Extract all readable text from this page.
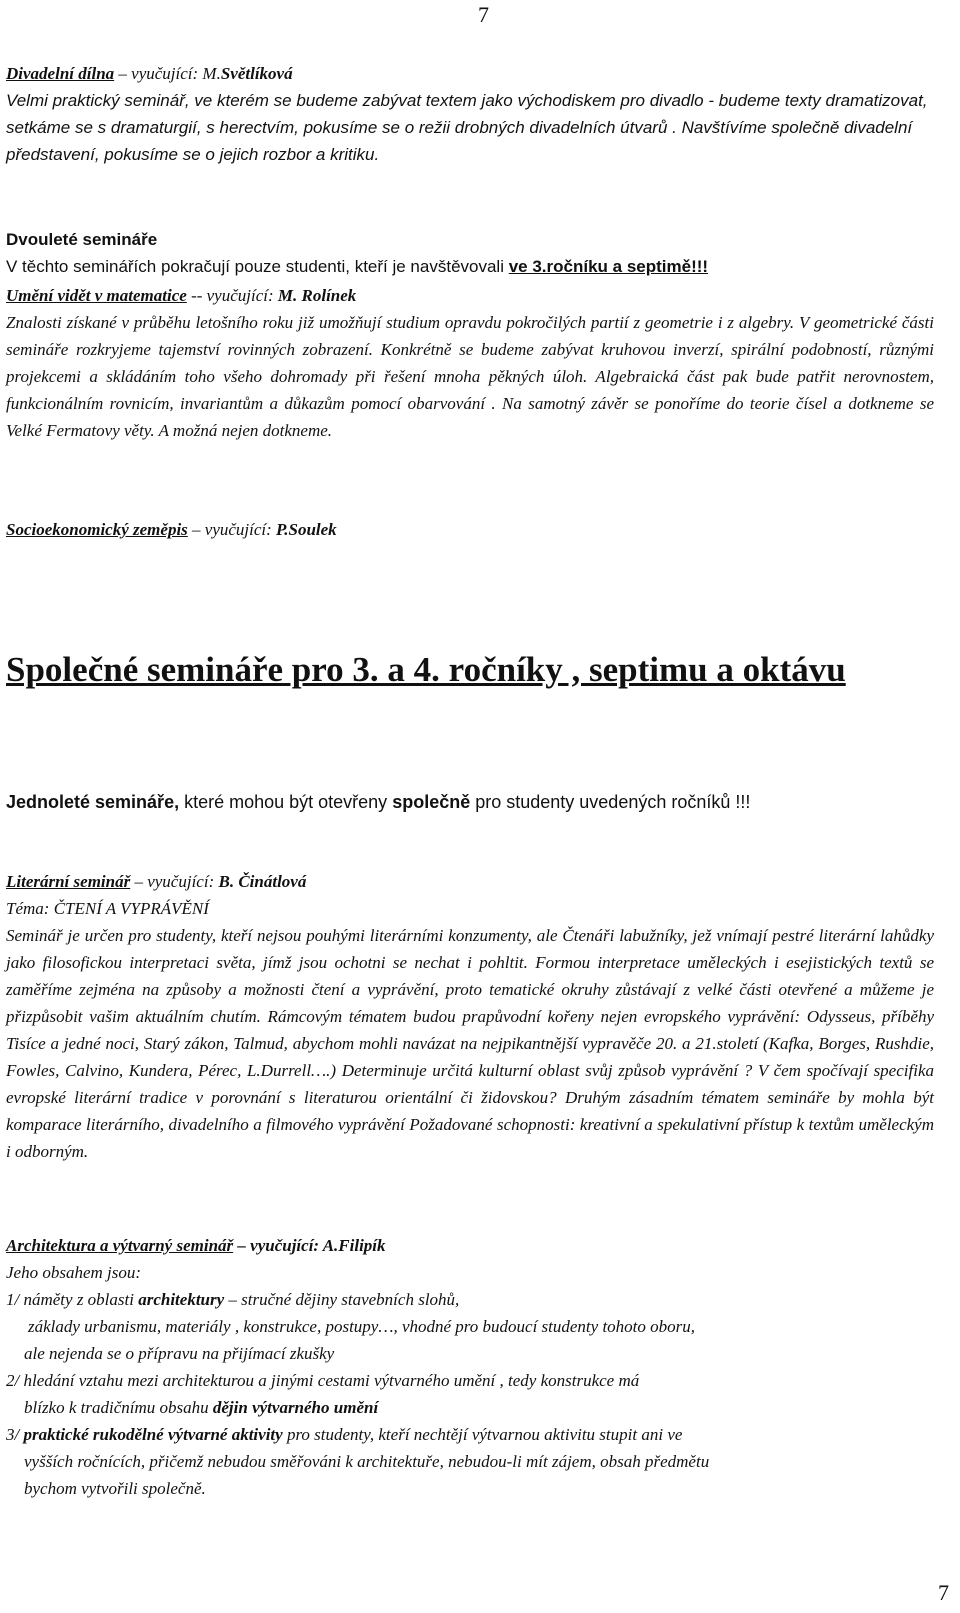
7
Divadelní dílna – vyučující: M.Světlíková
Velmi praktický seminář, ve kterém se budeme zabývat textem jako východiskem pro divadlo - budeme texty dramatizovat, setkáme se s dramaturgií, s herectvím, pokusíme se o režii drobných divadelních útvarů . Navštívíme společně divadelní představení, pokusíme se o jejich rozbor a kritiku.
Dvouleté semináře
V těchto seminářích pokračují pouze studenti, kteří je navštěvovali ve 3.ročníku a septimě!!!
Umění vidět v matematice -- vyučující: M. Rolínek
Znalosti získané v průběhu letošního roku již umožňují studium opravdu pokročilých partií z geometrie i z algebry. V geometrické části semináře rozkryjeme tajemství rovinných zobrazení. Konkrétně se budeme zabývat kruhovou inverzí, spirální podobností, různými projekcemi a skládáním toho všeho dohromady při řešení mnoha pěkných úloh. Algebraická část pak bude patřit nerovnostem, funkcionálním rovnicím, invariantům a důkazům pomocí obarvování . Na samotný závěr se ponoříme do teorie čísel a dotkneme se Velké Fermatovy věty. A možná nejen dotkneme.
Socioekonomický zeměpis – vyučující: P.Soulek
Společné semináře pro 3. a 4. ročníky , septimu a oktávu
Jednoleté semináře, které mohou být otevřeny společně pro studenty uvedených ročníků !!!
Literární seminář – vyučující: B. Činátlová
Téma: ČTENÍ A VYPRÁVĚNÍ
Seminář je určen pro studenty, kteří nejsou pouhými literárními konzumenty, ale Čtenáři labužníky, jež vnímají pestré literární lahůdky jako filosofickou interpretaci světa, jímž jsou ochotni se nechat i pohltit. Formou interpretace uměleckých i esejistických textů se zaměříme zejména na způsoby a možnosti čtení a vyprávění, proto tematické okruhy zůstávají z velké části otevřené a můžeme je přizpůsobit vašim aktuálním chutím. Rámcovým tématem budou prapůvodní kořeny nejen evropského vyprávění: Odysseus, příběhy Tisíce a jedné noci, Starý zákon, Talmud, abychom mohli navázat na nejpikantnější vypravěče 20. a 21.století (Kafka, Borges, Rushdie, Fowles, Calvino, Kundera, Pérec, L.Durrell….) Determinuje určitá kulturní oblast svůj způsob vyprávění ? V čem spočívají specifika evropské literární tradice v porovnání s literaturou orientální či židovskou? Druhým zásadním tématem semináře by mohla být komparace literárního, divadelního a filmového vyprávění Požadované schopnosti: kreativní a spekulativní přístup k textům uměleckým i odborným.
Architektura a výtvarný seminář – vyučující: A.Filipík
Jeho obsahem jsou:
1/ náměty z oblasti architektury – stručné dějiny stavebních slohů,
základy urbanismu, materiály , konstrukce, postupy…, vhodné pro budoucí studenty tohoto oboru,
ale nejenda se o přípravu na přijímací zkušky
2/ hledání vztahu mezi architekturou a jinými cestami výtvarného umění , tedy konstrukce má
blízko k tradičnímu obsahu dějin výtvarného umění
3/ praktické rukodělné výtvarné aktivity pro studenty, kteří nechtějí výtvarnou aktivitu stupit ani ve
vyšších ročnících, přičemž nebudou směřováni k architektuře, nebudou-li mít zájem, obsah předmětu
bychom vytvořili společně.
7
